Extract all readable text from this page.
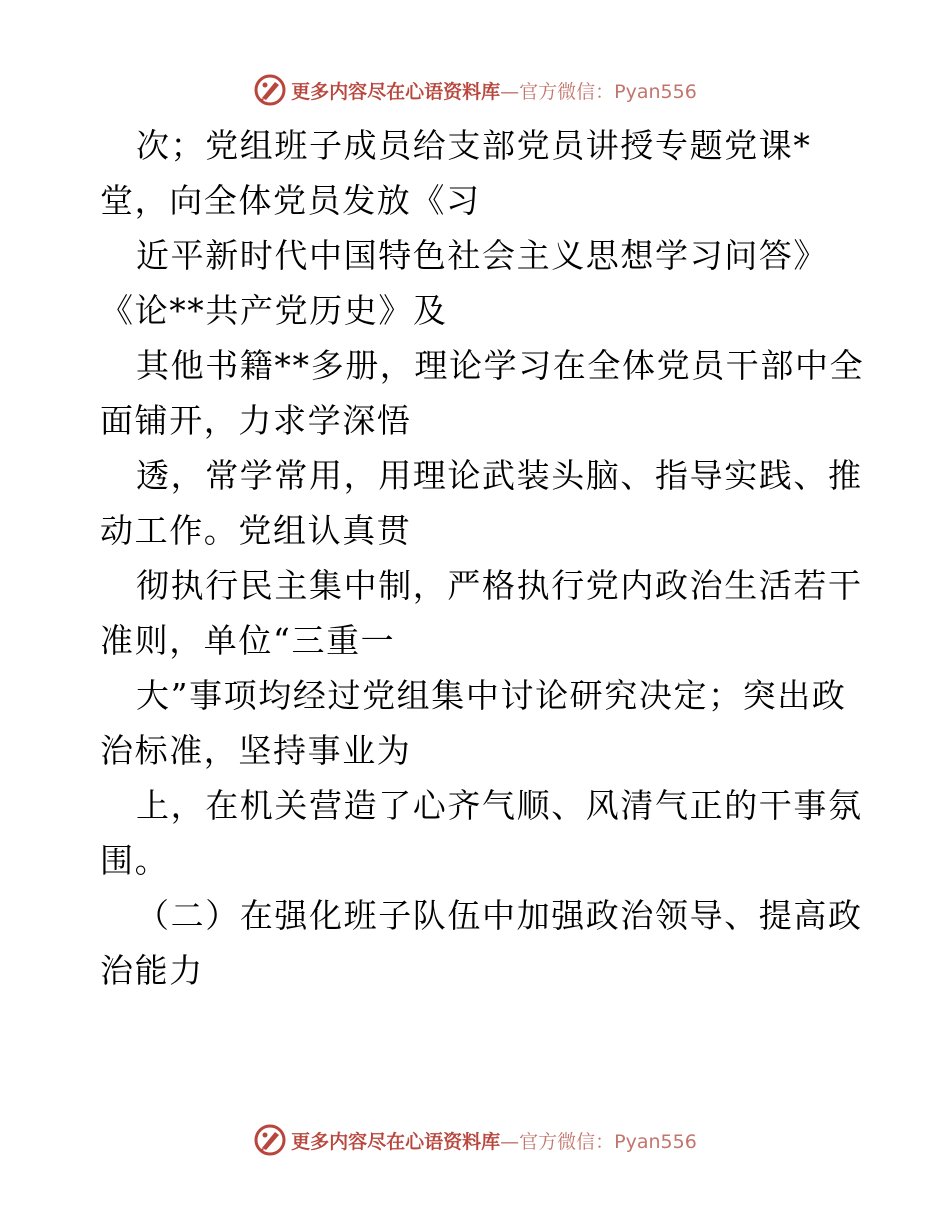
更多内容尽在心语资料库 —官方微信：Pyan556
次；党组班子成员给支部党员讲授专题党课*
堂，向全体党员发放《习
近平新时代中国特色社会主义思想学习问答》
《论**共产党历史》及
其他书籍**多册，理论学习在全体党员干部中全
面铺开，力求学深悟
透，常学常用，用理论武装头脑、指导实践、推
动工作。党组认真贯
彻执行民主集中制，严格执行党内政治生活若干
准则，单位“三重一
大”事项均经过党组集中讨论研究决定；突出政
治标准，坚持事业为
上，在机关营造了心齐气顺、风清气正的干事氛
围。
（二）在强化班子队伍中加强政治领导、提高政
治能力
更多内容尽在心语资料库 —官方微信：Pyan556
